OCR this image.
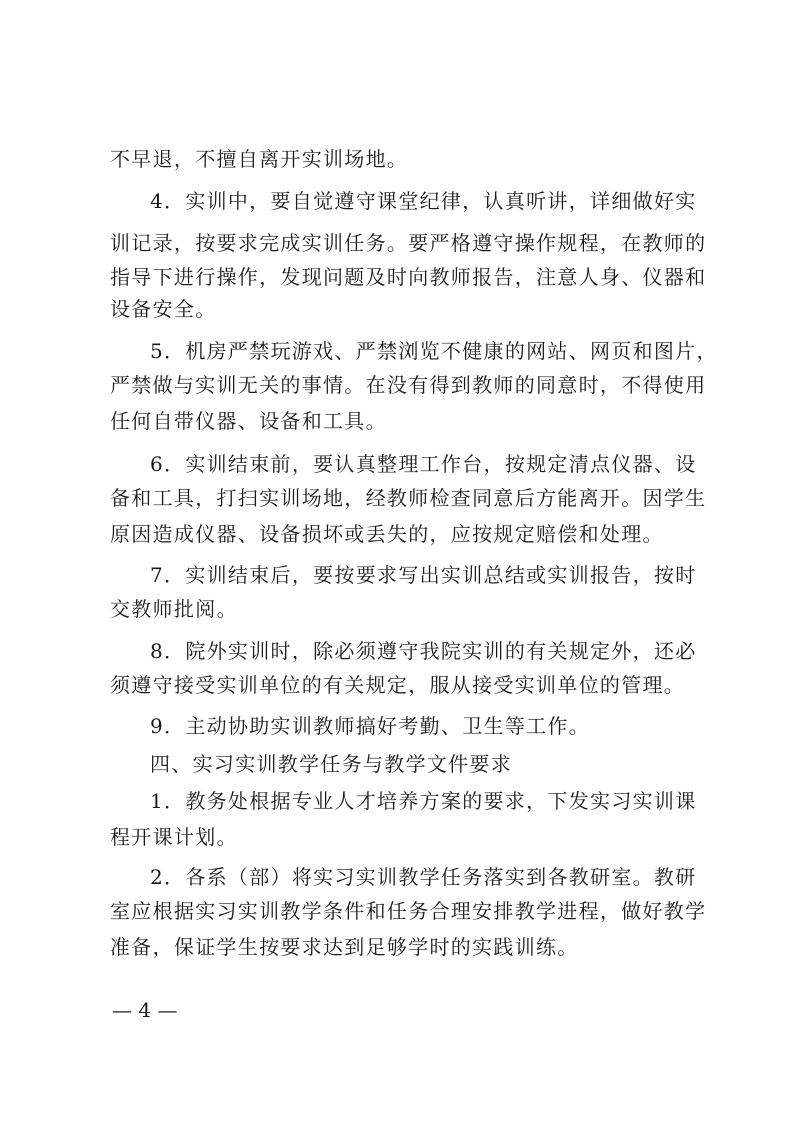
不早退，不擅自离开实训场地。
4．实训中，要自觉遵守课堂纪律，认真听讲，详细做好实
训记录，按要求完成实训任务。要严格遵守操作规程，在教师的
指导下进行操作，发现问题及时向教师报告，注意人身、仪器和
设备安全。
5．机房严禁玩游戏、严禁浏览不健康的网站、网页和图片，
严禁做与实训无关的事情。在没有得到教师的同意时，不得使用
任何自带仪器、设备和工具。
6．实训结束前，要认真整理工作台，按规定清点仪器、设
备和工具，打扫实训场地，经教师检查同意后方能离开。因学生
原因造成仪器、设备损坏或丢失的，应按规定赔偿和处理。
7．实训结束后，要按要求写出实训总结或实训报告，按时
交教师批阅。
8．院外实训时，除必须遵守我院实训的有关规定外，还必
须遵守接受实训单位的有关规定，服从接受实训单位的管理。
9．主动协助实训教师搞好考勤、卫生等工作。
四、实习实训教学任务与教学文件要求
1．教务处根据专业人才培养方案的要求，下发实习实训课
程开课计划。
2．各系（部）将实习实训教学任务落实到各教研室。教研
室应根据实习实训教学条件和任务合理安排教学进程，做好教学
准备，保证学生按要求达到足够学时的实践训练。
— 4 —
